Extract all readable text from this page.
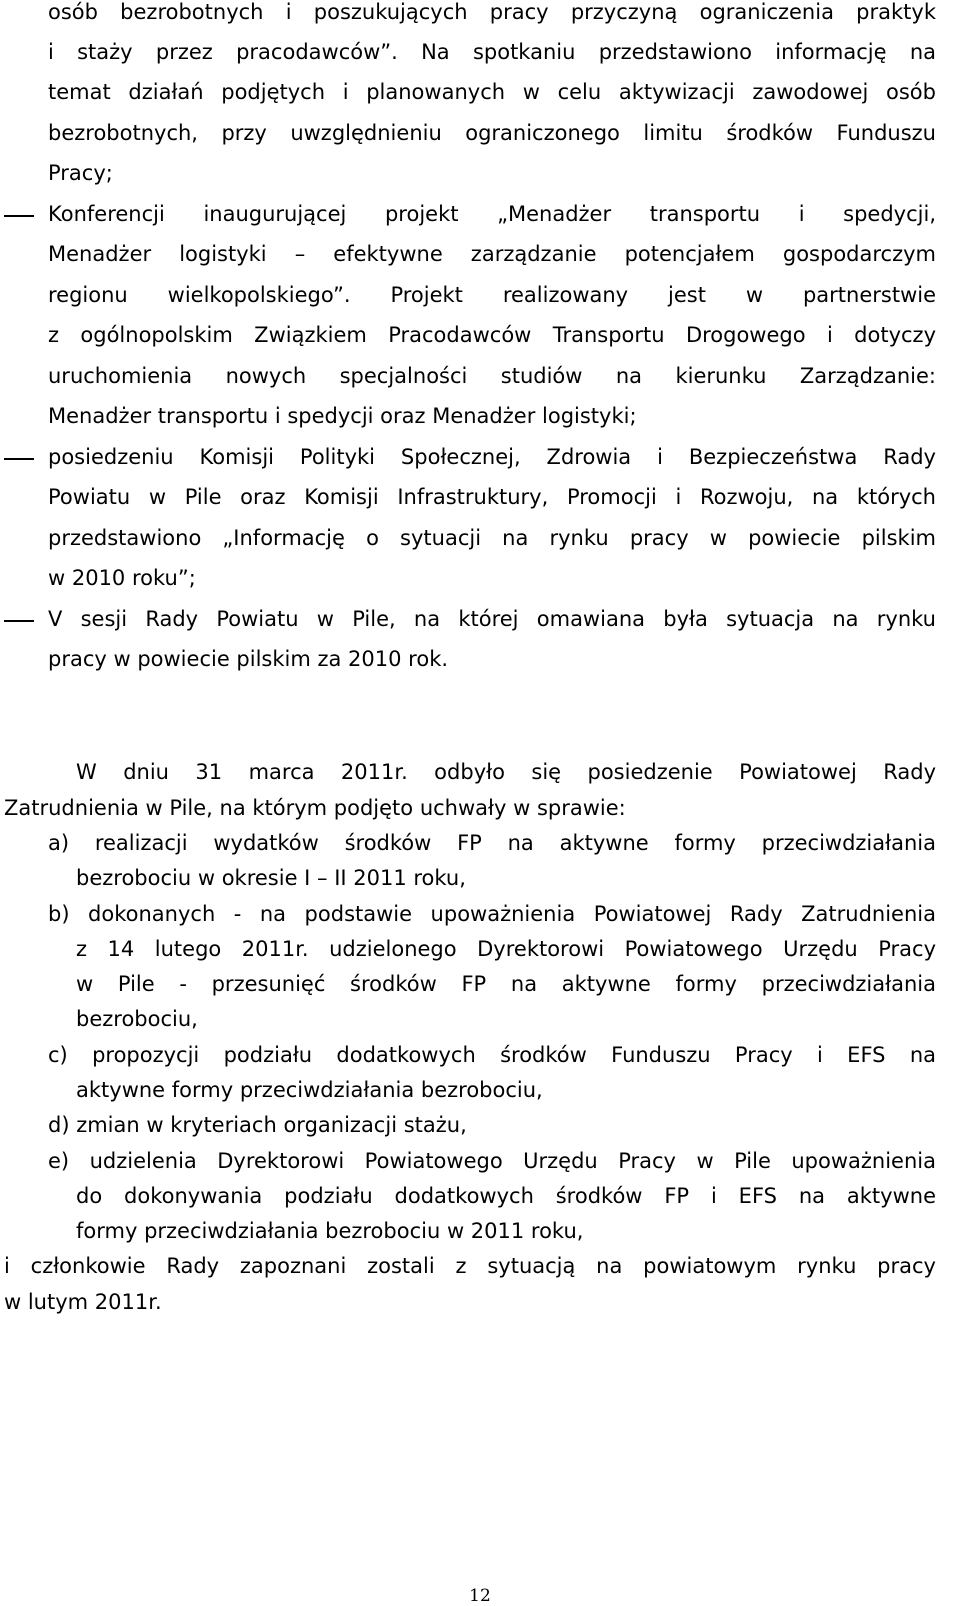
osób bezrobotnych i poszukujących pracy przyczyną ograniczenia praktyk

i staży przez pracodawców”. Na spotkaniu przedstawiono informację na

temat działań podjętych i planowanych w celu aktywizacji zawodowej osób

bezrobotnych, przy uwzględnieniu ograniczonego limitu środków Funduszu

Pracy;

Konferencji inaugurującej projekt „Menadżer transportu i spedycji,

Menadżer logistyki – efektywne zarządzanie potencjałem gospodarczym

regionu wielkopolskiego”. Projekt realizowany jest w partnerstwie

z ogólnopolskim Związkiem Pracodawców Transportu Drogowego i dotyczy

uruchomienia nowych specjalności studiów na kierunku Zarządzanie:

Menadżer transportu i spedycji oraz Menadżer logistyki;

posiedzeniu Komisji Polityki Społecznej, Zdrowia i Bezpieczeństwa Rady

Powiatu w Pile oraz Komisji Infrastruktury, Promocji i Rozwoju, na których

przedstawiono „Informację o sytuacji na rynku pracy w powiecie pilskim

w 2010 roku”;

V sesji Rady Powiatu w Pile, na której omawiana była sytuacja na rynku

pracy w powiecie pilskim za 2010 rok.

W dniu 31 marca 2011r. odbyło się posiedzenie Powiatowej Rady

Zatrudnienia w Pile, na którym podjęto uchwały w sprawie:

a) realizacji wydatków środków FP na aktywne formy przeciwdziałania

bezrobociu w okresie I – II 2011 roku,

b) dokonanych - na podstawie upoważnienia Powiatowej Rady Zatrudnienia

z 14 lutego 2011r. udzielonego Dyrektorowi Powiatowego Urzędu Pracy

w Pile - przesunięć środków FP na aktywne formy przeciwdziałania

bezrobociu,

c) propozycji podziału dodatkowych środków Funduszu Pracy i EFS na

aktywne formy przeciwdziałania bezrobociu,

d) zmian w kryteriach organizacji stażu,

e) udzielenia Dyrektorowi Powiatowego Urzędu Pracy w Pile upoważnienia

do dokonywania podziału dodatkowych środków FP i EFS na aktywne

formy przeciwdziałania bezrobociu w 2011 roku,

i członkowie Rady zapoznani zostali z sytuacją na powiatowym rynku pracy

w lutym 2011r.

12
